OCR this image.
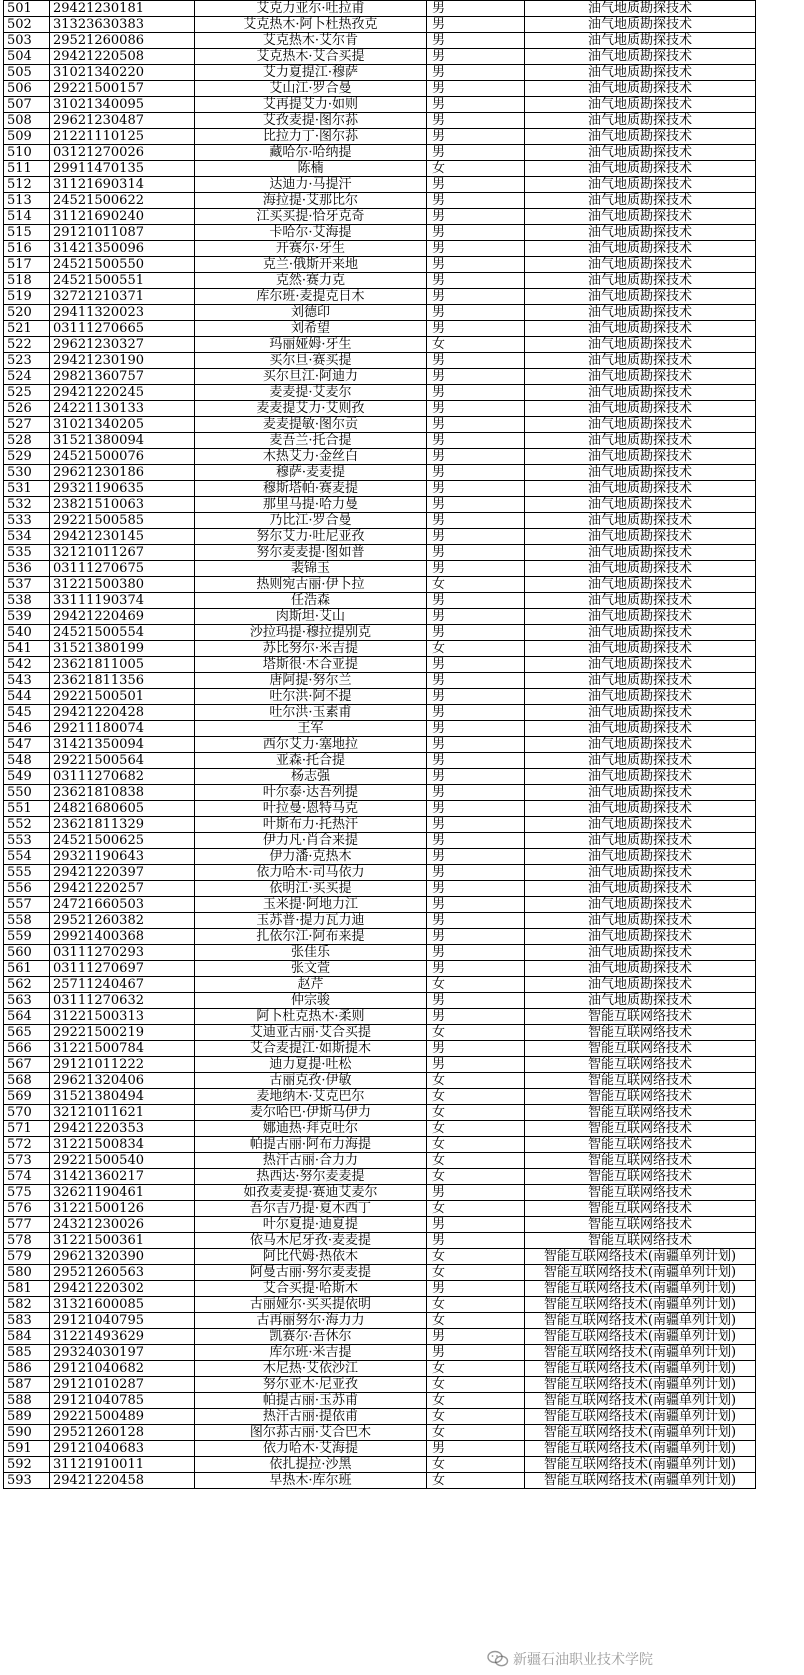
501	29421230181	艾克力亚尔·吐拉甫	男	油气地质勘探技术
502	31323630383	艾克热木·阿卜杜热孜克	男	油气地质勘探技术
503	29521260086	艾克热木·艾尔肯	男	油气地质勘探技术
504	29421220508	艾克热木·艾合买提	男	油气地质勘探技术
505	31021340220	艾力夏提江·穆萨	男	油气地质勘探技术
506	29221500157	艾山江·罗合曼	男	油气地质勘探技术
507	31021340095	艾再提艾力·如则	男	油气地质勘探技术
508	29621230487	艾孜麦提·图尔荪	男	油气地质勘探技术
509	21221110125	比拉力丁·图尔荪	男	油气地质勘探技术
510	03121270026	藏哈尔·哈纳提	男	油气地质勘探技术
511	29911470135	陈楠	女	油气地质勘探技术
512	31121690314	达迪力·马提汗	男	油气地质勘探技术
513	24521500622	海拉提·艾那比尔	男	油气地质勘探技术
514	31121690240	江买买提·恰牙克奇	男	油气地质勘探技术
515	29121011087	卡哈尔·艾海提	男	油气地质勘探技术
516	31421350096	开赛尔·牙生	男	油气地质勘探技术
517	24521500550	克兰·俄斯开来地	男	油气地质勘探技术
518	24521500551	克然·赛力克	男	油气地质勘探技术
519	32721210371	库尔班·麦提克日木	男	油气地质勘探技术
520	29411320023	刘德印	男	油气地质勘探技术
521	03111270665	刘希望	男	油气地质勘探技术
522	29621230327	玛丽娅姆·牙生	女	油气地质勘探技术
523	29421230190	买尔旦·赛买提	男	油气地质勘探技术
524	29821360757	买尔旦江·阿迪力	男	油气地质勘探技术
525	29421220245	麦麦提·艾麦尔	男	油气地质勘探技术
526	24221130133	麦麦提艾力·艾则孜	男	油气地质勘探技术
527	31021340205	麦麦提敏·图尔贡	男	油气地质勘探技术
528	31521380094	麦吾兰·托合提	男	油气地质勘探技术
529	24521500076	木热艾力·金丝白	男	油气地质勘探技术
530	29621230186	穆萨·麦麦提	男	油气地质勘探技术
531	29321190635	穆斯塔帕·赛麦提	男	油气地质勘探技术
532	23821510063	那里马提·哈力曼	男	油气地质勘探技术
533	29221500585	乃比江·罗合曼	男	油气地质勘探技术
534	29421230145	努尔艾力·吐尼亚孜	男	油气地质勘探技术
535	32121011267	努尔麦麦提·图如普	男	油气地质勘探技术
536	03111270675	裴锦玉	男	油气地质勘探技术
537	31221500380	热则宛古丽·伊卜拉	女	油气地质勘探技术
538	33111190374	任浩森	男	油气地质勘探技术
539	29421220469	肉斯坦·艾山	男	油气地质勘探技术
540	24521500554	沙拉玛提·穆拉提别克	男	油气地质勘探技术
541	31521380199	苏比努尔·米吉提	女	油气地质勘探技术
542	23621811005	塔斯很·木合亚提	男	油气地质勘探技术
543	23621811356	唐阿提·努尔兰	男	油气地质勘探技术
544	29221500501	吐尔洪·阿不提	男	油气地质勘探技术
545	29421220428	吐尔洪·玉素甫	男	油气地质勘探技术
546	29211180074	王军	男	油气地质勘探技术
547	31421350094	西尔艾力·塞地拉	男	油气地质勘探技术
548	29221500564	亚森·托合提	男	油气地质勘探技术
549	03111270682	杨志强	男	油气地质勘探技术
550	23621810838	叶尔泰·达吾列提	男	油气地质勘探技术
551	24821680605	叶拉曼·恩特马克	男	油气地质勘探技术
552	23621811329	叶斯布力·托热汗	男	油气地质勘探技术
553	24521500625	伊力凡·肖合来提	男	油气地质勘探技术
554	29321190643	伊力潘·克热木	男	油气地质勘探技术
555	29421220397	依力哈木·司马依力	男	油气地质勘探技术
556	29421220257	依明江·买买提	男	油气地质勘探技术
557	24721660503	玉米提·阿地力江	男	油气地质勘探技术
558	29521260382	玉苏普·提力瓦力迪	男	油气地质勘探技术
559	29921400368	扎依尔江·阿布来提	男	油气地质勘探技术
560	03111270293	张佳乐	男	油气地质勘探技术
561	03111270697	张文萱	男	油气地质勘探技术
562	25711240467	赵芹	女	油气地质勘探技术
563	03111270632	仲宗骏	男	油气地质勘探技术
564	31221500313	阿卜杜克热木·柔则	男	智能互联网络技术
565	29221500219	艾迪亚古丽·艾合买提	女	智能互联网络技术
566	31221500784	艾合麦提江·如斯提木	男	智能互联网络技术
567	29121011222	迪力夏提·吐松	男	智能互联网络技术
568	29621320406	古丽克孜·伊敏	女	智能互联网络技术
569	31521380494	麦地纳木·艾克巴尔	女	智能互联网络技术
570	32121011621	麦尔哈巴·伊斯马伊力	女	智能互联网络技术
571	29421220353	娜迪热·拜克吐尔	女	智能互联网络技术
572	31221500834	帕提古丽·阿布力海提	女	智能互联网络技术
573	29221500540	热汗古丽·合力力	女	智能互联网络技术
574	31421360217	热西达·努尔麦麦提	女	智能互联网络技术
575	32621190461	如孜麦麦提·赛迪艾麦尔	男	智能互联网络技术
576	31221500126	吾尔吉乃提·夏木西丁	女	智能互联网络技术
577	24321230026	叶尔夏提·迪夏提	男	智能互联网络技术
578	31221500361	依马木尼牙孜·麦麦提	男	智能互联网络技术
579	29621320390	阿比代姆·热依木	女	智能互联网络技术(南疆单列计划)
580	29521260563	阿曼古丽·努尔麦麦提	女	智能互联网络技术(南疆单列计划)
581	29421220302	艾合买提·哈斯木	男	智能互联网络技术(南疆单列计划)
582	31321600085	古丽娅尔·买买提依明	女	智能互联网络技术(南疆单列计划)
583	29121040795	古再丽努尔·海力力	女	智能互联网络技术(南疆单列计划)
584	31221493629	凯赛尔·吾休尔	男	智能互联网络技术(南疆单列计划)
585	29324030197	库尔班·米吉提	男	智能互联网络技术(南疆单列计划)
586	29121040682	木尼热·艾依沙江	女	智能互联网络技术(南疆单列计划)
587	29121010287	努尔亚木·尼亚孜	女	智能互联网络技术(南疆单列计划)
588	29121040785	帕提古丽·玉苏甫	女	智能互联网络技术(南疆单列计划)
589	29221500489	热汗古丽·提依甫	女	智能互联网络技术(南疆单列计划)
590	29521260128	图尔荪古丽·艾合巴木	女	智能互联网络技术(南疆单列计划)
591	29121040683	依力哈木·艾海提	男	智能互联网络技术(南疆单列计划)
592	31121910011	依扎提拉·沙黑	女	智能互联网络技术(南疆单列计划)
593	29421220458	早热木·库尔班	女	智能互联网络技术(南疆单列计划)
新疆石油职业技术学院
